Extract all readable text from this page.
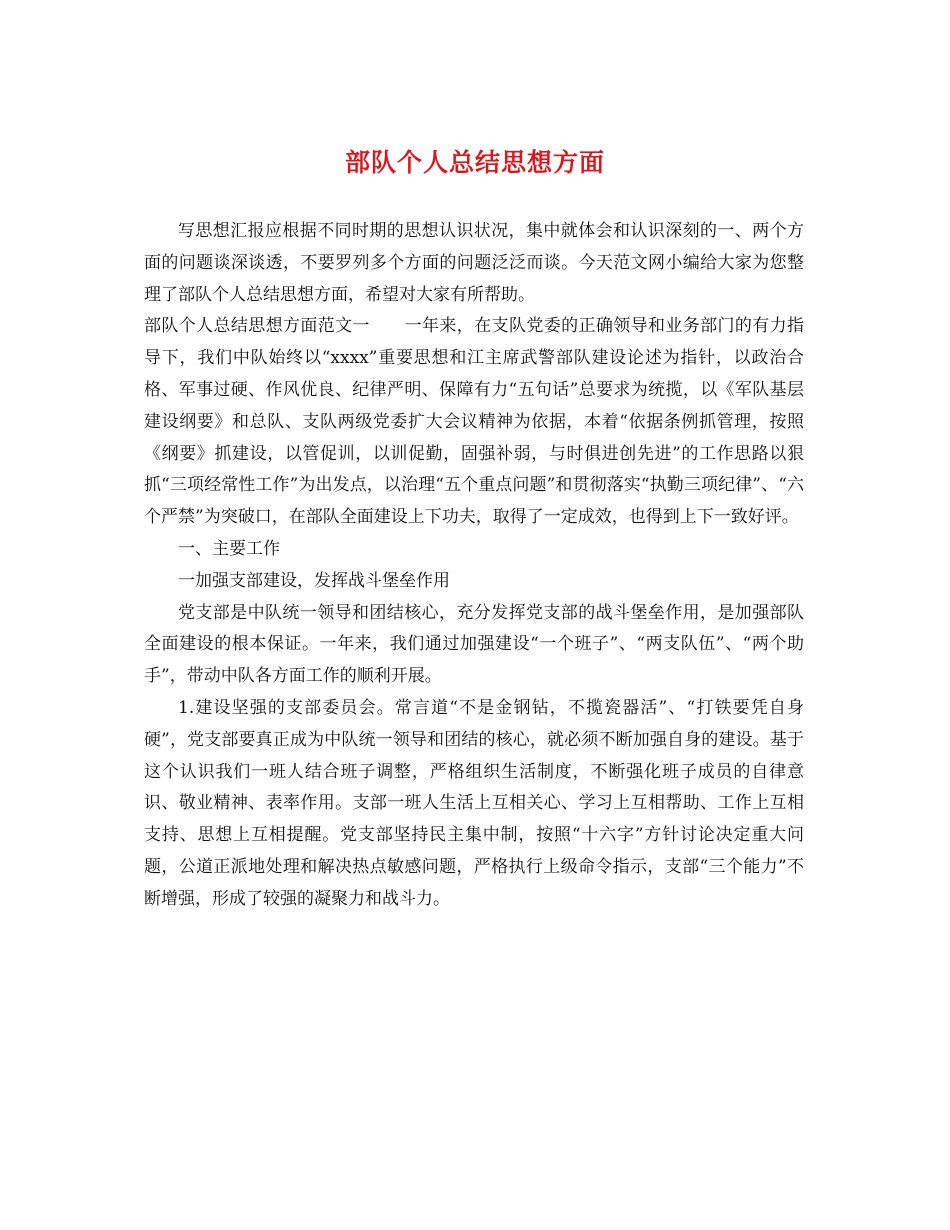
部队个人总结思想方面

写思想汇报应根据不同时期的思想认识状况，集中就体会和认识深刻的一、两个方面的问题谈深谈透，不要罗列多个方面的问题泛泛而谈。今天范文网小编给大家为您整理了部队个人总结思想方面，希望对大家有所帮助。

部队个人总结思想方面范文一　　一年来，在支队党委的正确领导和业务部门的有力指导下，我们中队始终以“xxxx”重要思想和江主席武警部队建设论述为指针，以政治合格、军事过硬、作风优良、纪律严明、保障有力“五句话”总要求为统揽，以《军队基层建设纲要》和总队、支队两级党委扩大会议精神为依据，本着“依据条例抓管理，按照《纲要》抓建设，以管促训，以训促勤，固强补弱，与时俱进创先进”的工作思路以狠抓“三项经常性工作”为出发点，以治理“五个重点问题”和贯彻落实“执勤三项纪律”、“六个严禁”为突破口，在部队全面建设上下功夫，取得了一定成效，也得到上下一致好评。

一、主要工作

一加强支部建设，发挥战斗堡垒作用

党支部是中队统一领导和团结核心，充分发挥党支部的战斗堡垒作用，是加强部队全面建设的根本保证。一年来，我们通过加强建设“一个班子”、“两支队伍”、“两个助手”，带动中队各方面工作的顺利开展。

1.建设坚强的支部委员会。常言道“不是金钢钻，不揽瓷器活”、“打铁要凭自身硬”，党支部要真正成为中队统一领导和团结的核心，就必须不断加强自身的建设。基于这个认识我们一班人结合班子调整，严格组织生活制度，不断强化班子成员的自律意识、敬业精神、表率作用。支部一班人生活上互相关心、学习上互相帮助、工作上互相支持、思想上互相提醒。党支部坚持民主集中制，按照“十六字”方针讨论决定重大问题，公道正派地处理和解决热点敏感问题，严格执行上级命令指示，支部“三个能力”不断增强，形成了较强的凝聚力和战斗力。
